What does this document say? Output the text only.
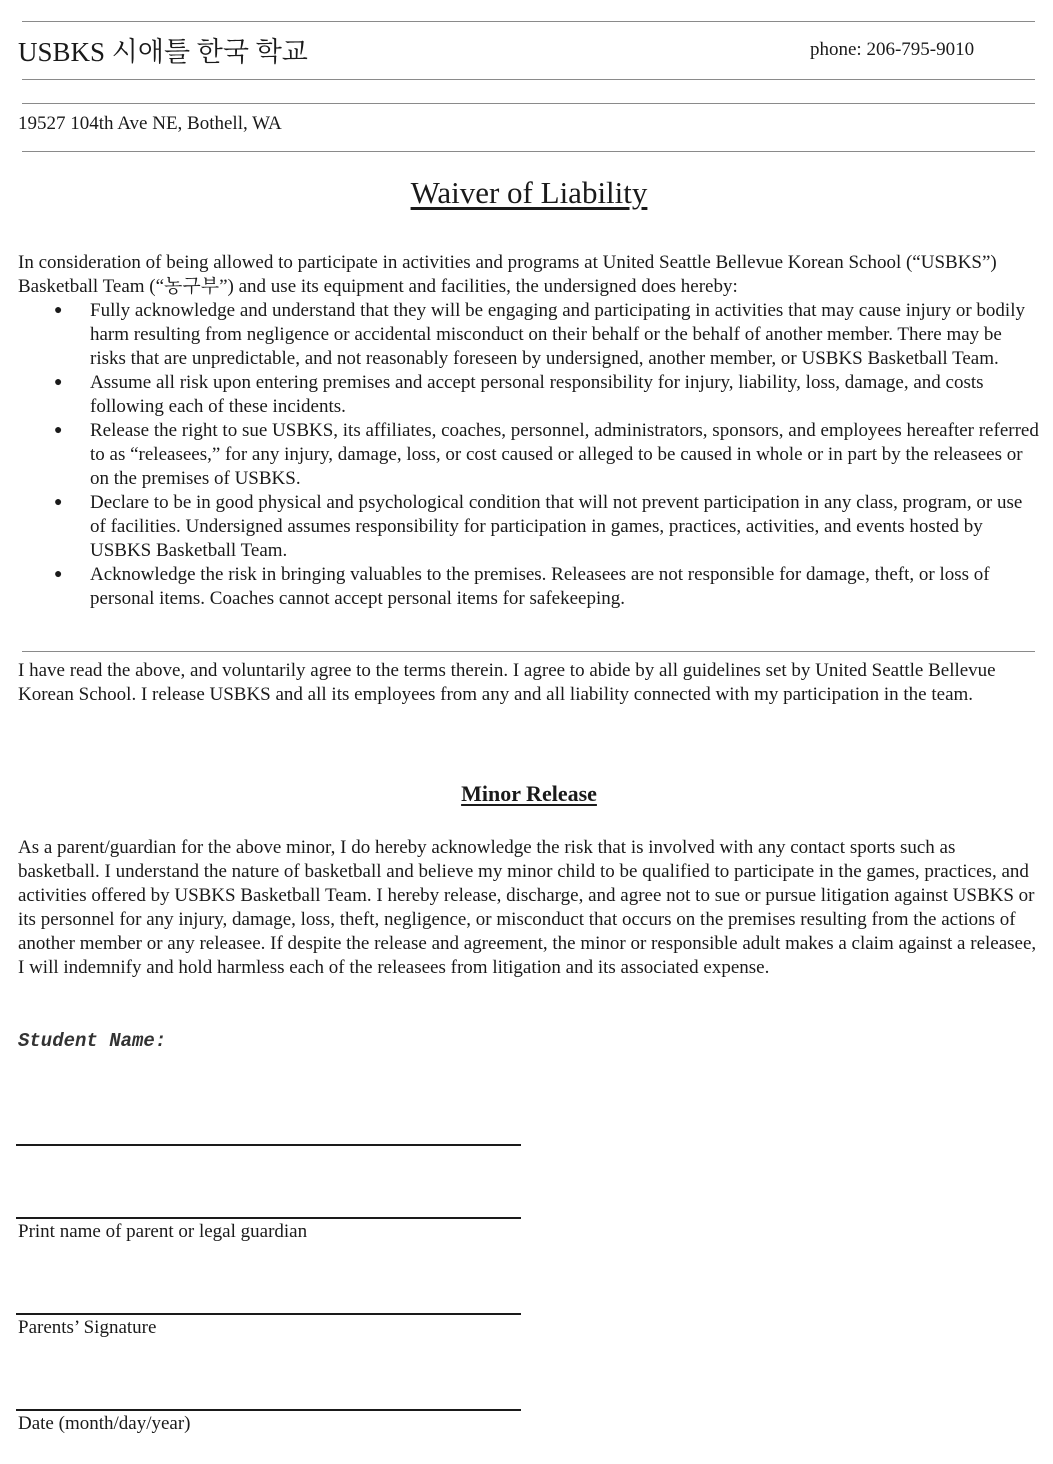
USBKS 시애틀 한국 학교	phone: 206-795-9010
19527 104th Ave NE, Bothell, WA
Waiver of Liability
In consideration of being allowed to participate in activities and programs at United Seattle Bellevue Korean School (“USBKS”) Basketball Team (“농구부”) and use its equipment and facilities, the undersigned does hereby:
● Fully acknowledge and understand that they will be engaging and participating in activities that may cause injury or bodily harm resulting from negligence or accidental misconduct on their behalf or the behalf of another member. There may be risks that are unpredictable, and not reasonably foreseen by undersigned, another member, or USBKS Basketball Team.
● Assume all risk upon entering premises and accept personal responsibility for injury, liability, loss, damage, and costs following each of these incidents.
● Release the right to sue USBKS, its affiliates, coaches, personnel, administrators, sponsors, and employees hereafter referred to as “releasees,” for any injury, damage, loss, or cost caused or alleged to be caused in whole or in part by the releasees or on the premises of USBKS.
● Declare to be in good physical and psychological condition that will not prevent participation in any class, program, or use of facilities. Undersigned assumes responsibility for participation in games, practices, activities, and events hosted by USBKS Basketball Team.
● Acknowledge the risk in bringing valuables to the premises. Releasees are not responsible for damage, theft, or loss of personal items. Coaches cannot accept personal items for safekeeping.
I have read the above, and voluntarily agree to the terms therein. I agree to abide by all guidelines set by United Seattle Bellevue Korean School. I release USBKS and all its employees from any and all liability connected with my participation in the team.
Minor Release
As a parent/guardian for the above minor, I do hereby acknowledge the risk that is involved with any contact sports such as basketball. I understand the nature of basketball and believe my minor child to be qualified to participate in the games, practices, and activities offered by USBKS Basketball Team. I hereby release, discharge, and agree not to sue or pursue litigation against USBKS or its personnel for any injury, damage, loss, theft, negligence, or misconduct that occurs on the premises resulting from the actions of another member or any releasee. If despite the release and agreement, the minor or responsible adult makes a claim against a releasee, I will indemnify and hold harmless each of the releasees from litigation and its associated expense.
Student Name:
Print name of parent or legal guardian
Parents’ Signature
Date (month/day/year)
